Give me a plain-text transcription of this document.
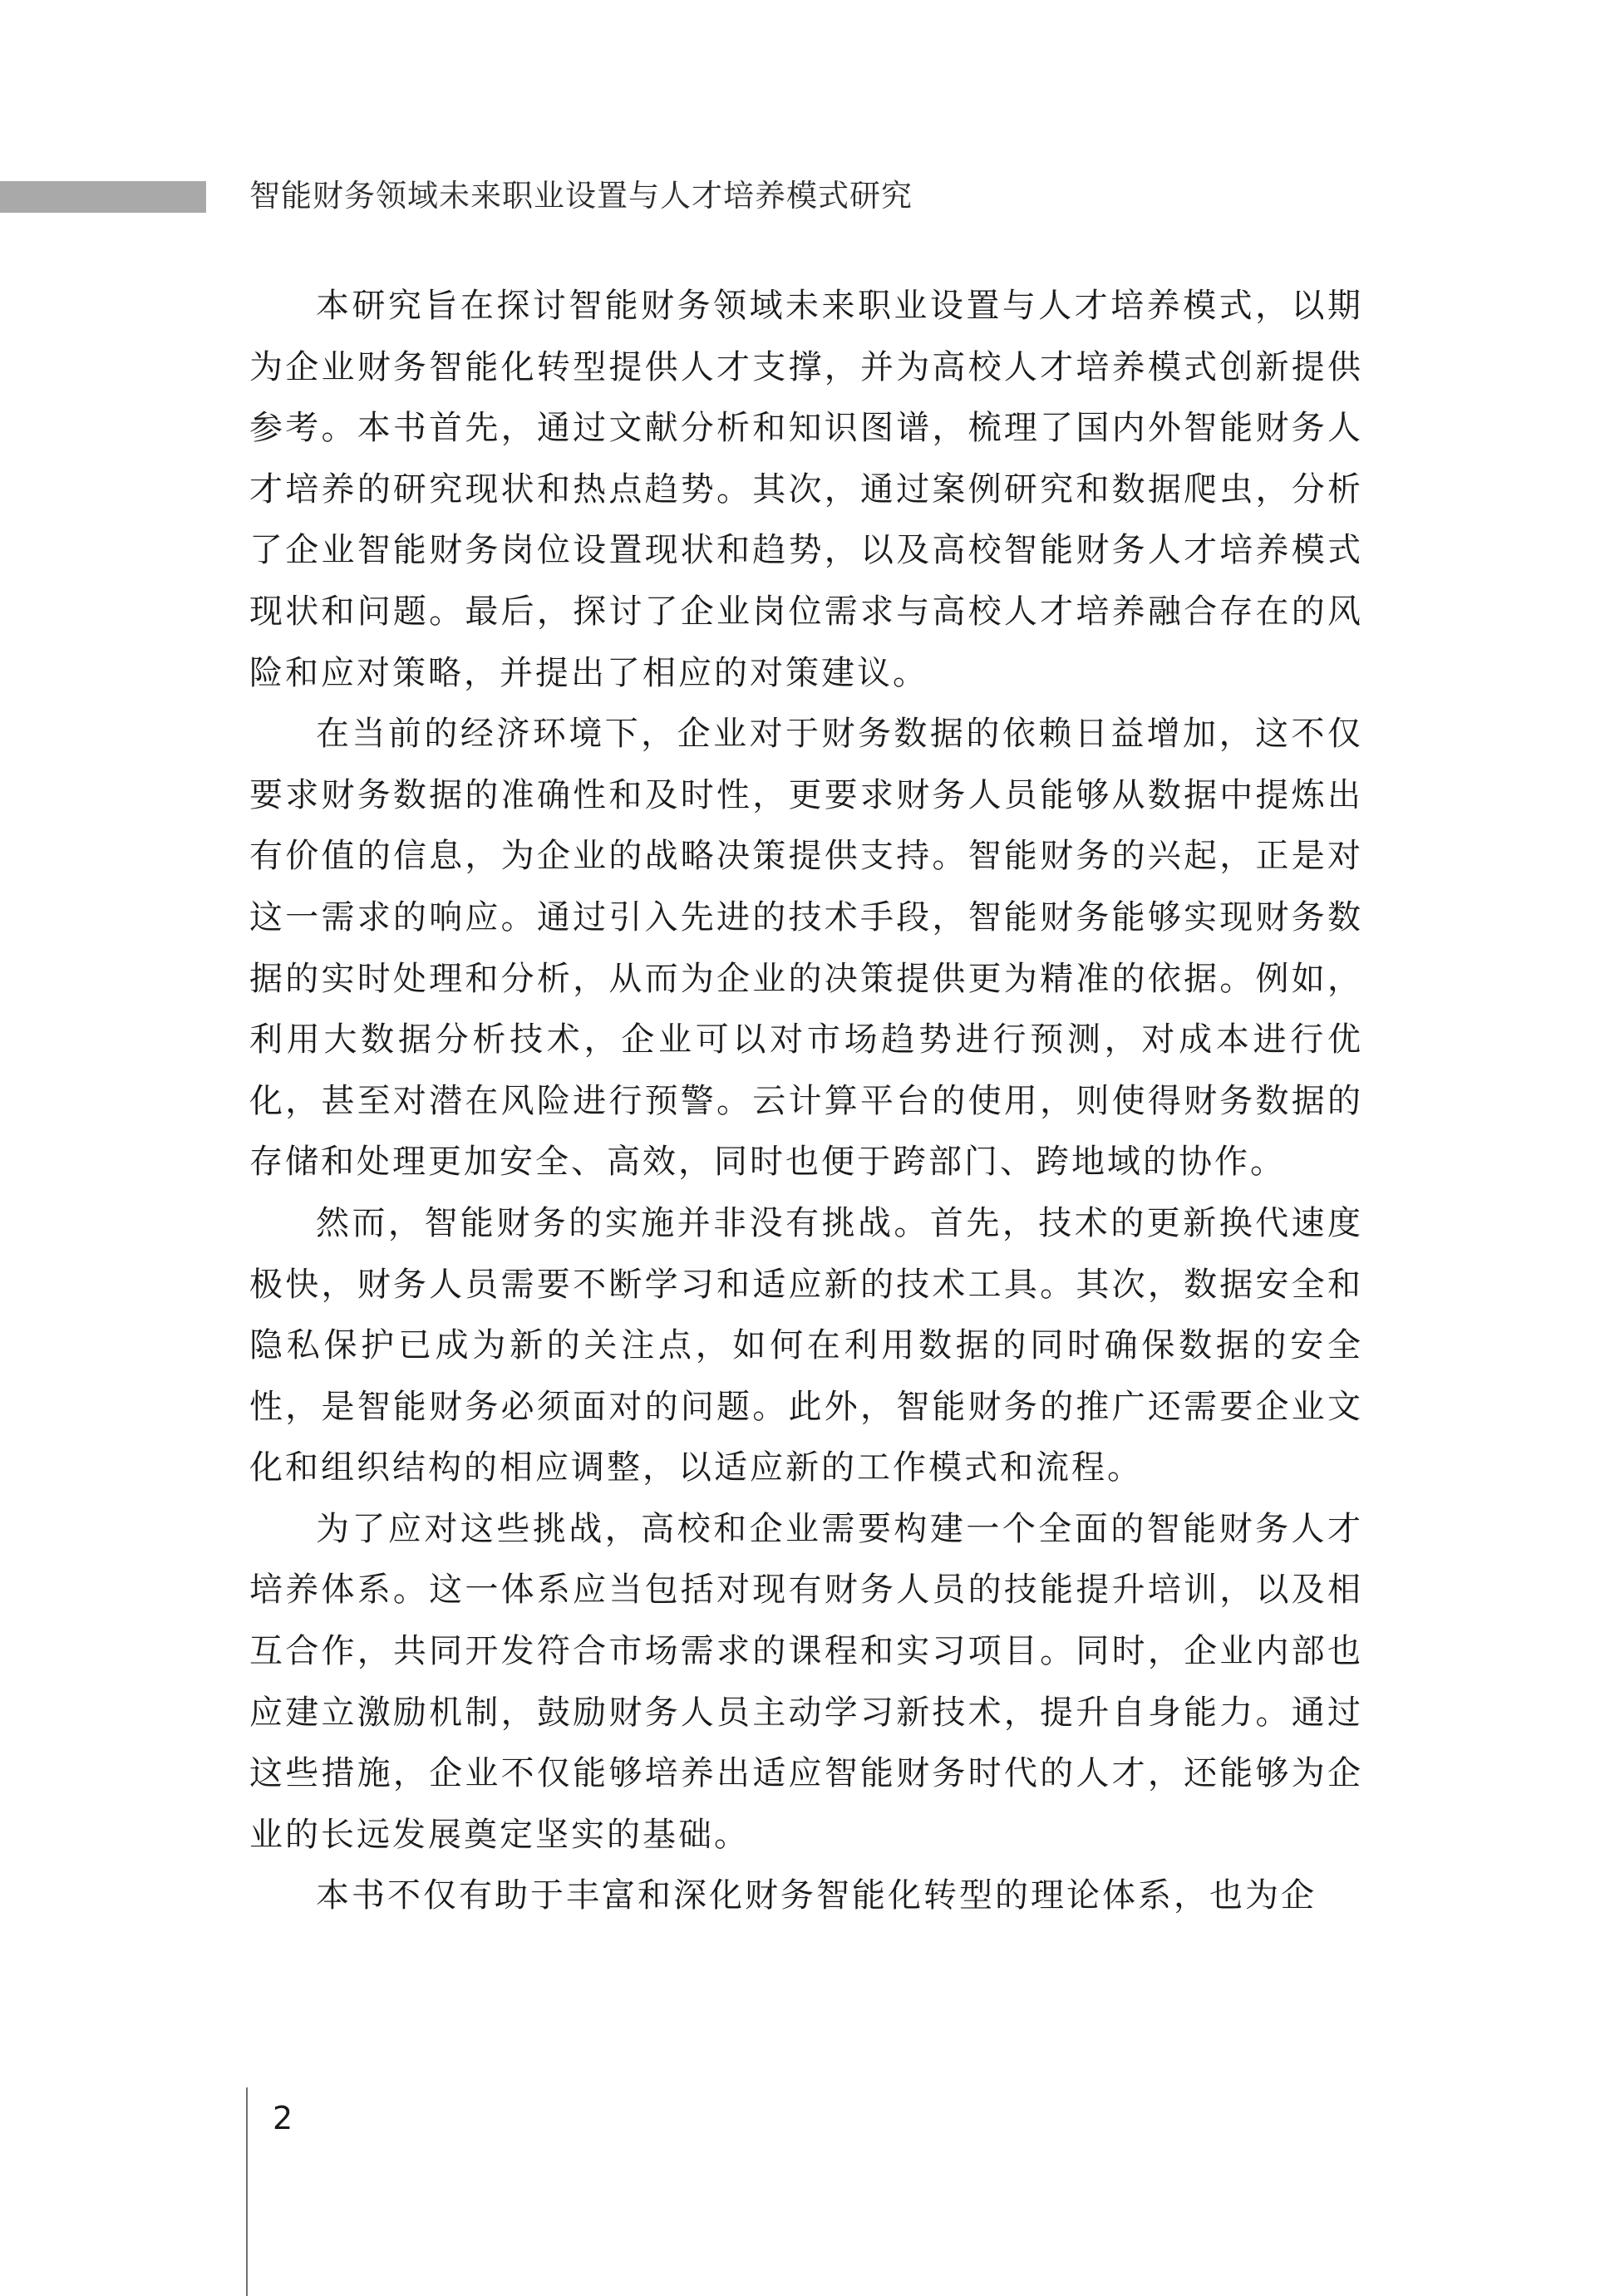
智能财务领域未来职业设置与人才培养模式研究

本研究旨在探讨智能财务领域未来职业设置与人才培养模式，以期为企业财务智能化转型提供人才支撑，并为高校人才培养模式创新提供参考。本书首先，通过文献分析和知识图谱，梳理了国内外智能财务人才培养的研究现状和热点趋势。其次，通过案例研究和数据爬虫，分析了企业智能财务岗位设置现状和趋势，以及高校智能财务人才培养模式现状和问题。最后，探讨了企业岗位需求与高校人才培养融合存在的风险和应对策略，并提出了相应的对策建议。

在当前的经济环境下，企业对于财务数据的依赖日益增加，这不仅要求财务数据的准确性和及时性，更要求财务人员能够从数据中提炼出有价值的信息，为企业的战略决策提供支持。智能财务的兴起，正是对这一需求的响应。通过引入先进的技术手段，智能财务能够实现财务数据的实时处理和分析，从而为企业的决策提供更为精准的依据。例如，利用大数据分析技术，企业可以对市场趋势进行预测，对成本进行优化，甚至对潜在风险进行预警。云计算平台的使用，则使得财务数据的存储和处理更加安全、高效，同时也便于跨部门、跨地域的协作。

然而，智能财务的实施并非没有挑战。首先，技术的更新换代速度极快，财务人员需要不断学习和适应新的技术工具。其次，数据安全和隐私保护已成为新的关注点，如何在利用数据的同时确保数据的安全性，是智能财务必须面对的问题。此外，智能财务的推广还需要企业文化和组织结构的相应调整，以适应新的工作模式和流程。

为了应对这些挑战，高校和企业需要构建一个全面的智能财务人才培养体系。这一体系应当包括对现有财务人员的技能提升培训，以及相互合作，共同开发符合市场需求的课程和实习项目。同时，企业内部也应建立激励机制，鼓励财务人员主动学习新技术，提升自身能力。通过这些措施，企业不仅能够培养出适应智能财务时代的人才，还能够为企业的长远发展奠定坚实的基础。

本书不仅有助于丰富和深化财务智能化转型的理论体系，也为企

2
